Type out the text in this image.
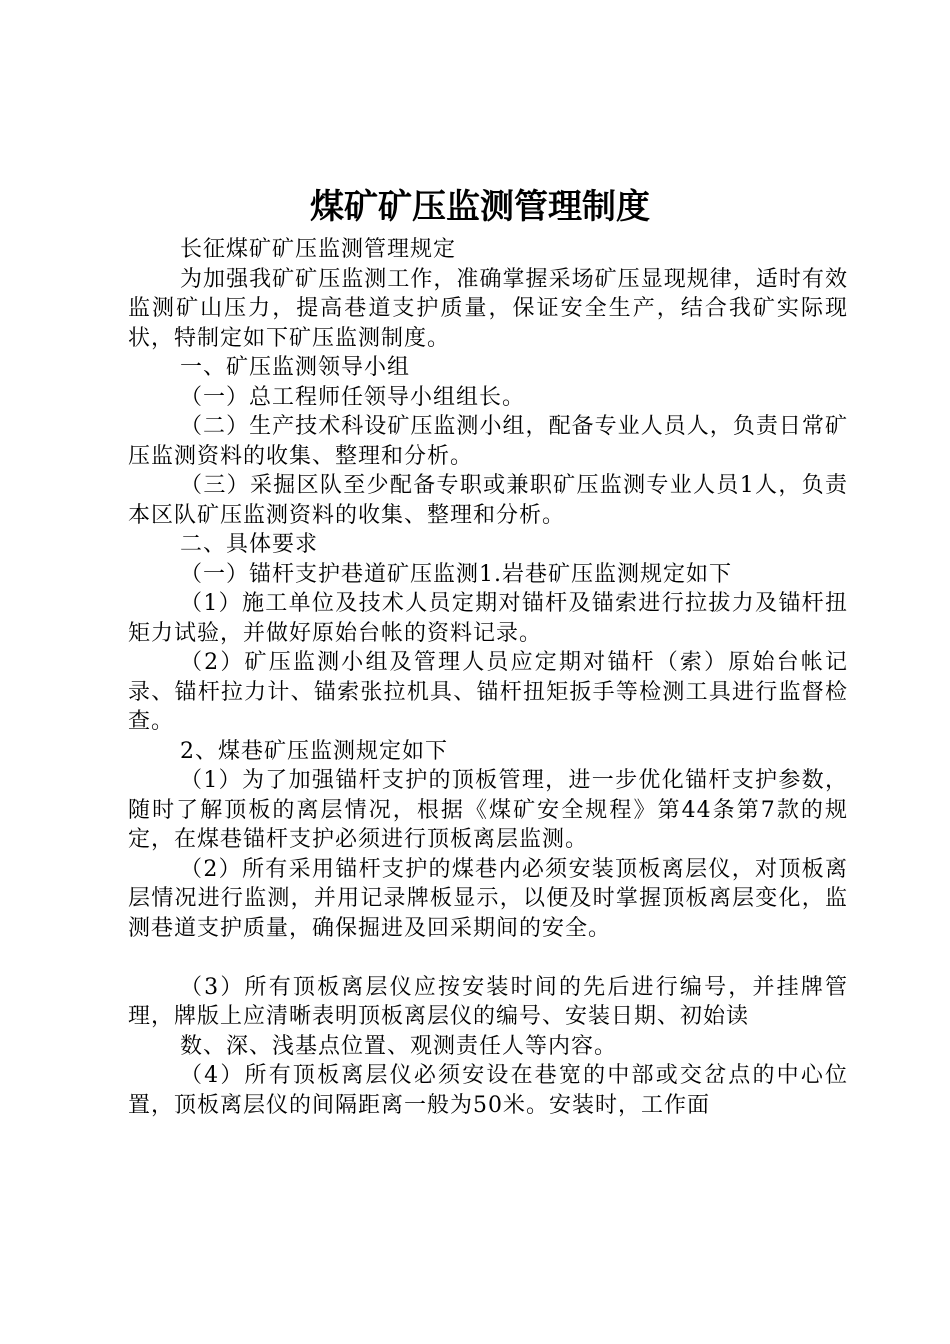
煤矿矿压监测管理制度

长征煤矿矿压监测管理规定

为加强我矿矿压监测工作，准确掌握采场矿压显现规律，适时有效监测矿山压力，提高巷道支护质量，保证安全生产，结合我矿实际现状，特制定如下矿压监测制度。

一、矿压监测领导小组

（一）总工程师任领导小组组长。

（二）生产技术科设矿压监测小组，配备专业人员人，负责日常矿压监测资料的收集、整理和分析。

（三）采掘区队至少配备专职或兼职矿压监测专业人员1人，负责本区队矿压监测资料的收集、整理和分析。

二、具体要求

（一）锚杆支护巷道矿压监测1.岩巷矿压监测规定如下

（1）施工单位及技术人员定期对锚杆及锚索进行拉拔力及锚杆扭矩力试验，并做好原始台帐的资料记录。

（2）矿压监测小组及管理人员应定期对锚杆（索）原始台帐记录、锚杆拉力计、锚索张拉机具、锚杆扭矩扳手等检测工具进行监督检查。

2、煤巷矿压监测规定如下

（1）为了加强锚杆支护的顶板管理，进一步优化锚杆支护参数，随时了解顶板的离层情况，根据《煤矿安全规程》第44条第7款的规定，在煤巷锚杆支护必须进行顶板离层监测。

（2）所有采用锚杆支护的煤巷内必须安装顶板离层仪，对顶板离层情况进行监测，并用记录牌板显示，以便及时掌握顶板离层变化，监测巷道支护质量，确保掘进及回采期间的安全。

（3）所有顶板离层仪应按安装时间的先后进行编号，并挂牌管理，牌版上应清晰表明顶板离层仪的编号、安装日期、初始读

数、深、浅基点位置、观测责任人等内容。

（4）所有顶板离层仪必须安设在巷宽的中部或交岔点的中心位置，顶板离层仪的间隔距离一般为50米。安装时，工作面
